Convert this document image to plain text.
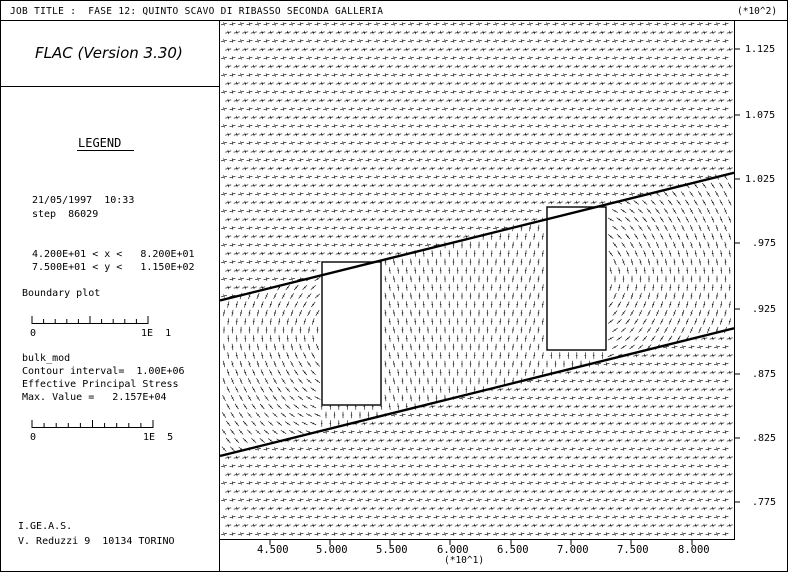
JOB TITLE :  FASE 12: QUINTO SCAVO DI RIBASSO SECONDA GALLERIA	(*10^2)
FLAC (Version 3.30)
LEGEND
21/05/1997  10:33
step  86029
4.200E+01 < x <   8.200E+01
7.500E+01 < y <   1.150E+02
Boundary plot
0	1E  1
bulk_mod
Contour interval=  1.00E+06
Effective Principal Stress
Max. Value =   2.157E+04
0	1E  5
I.GE.A.S.
V. Reduzzi 9  10134 TORINO
4.500	5.000	5.500	6.000	6.500	7.000	7.500	8.000
1.125
1.075
1.025
.975
.925
.875
.825
.775
(*10^1)
